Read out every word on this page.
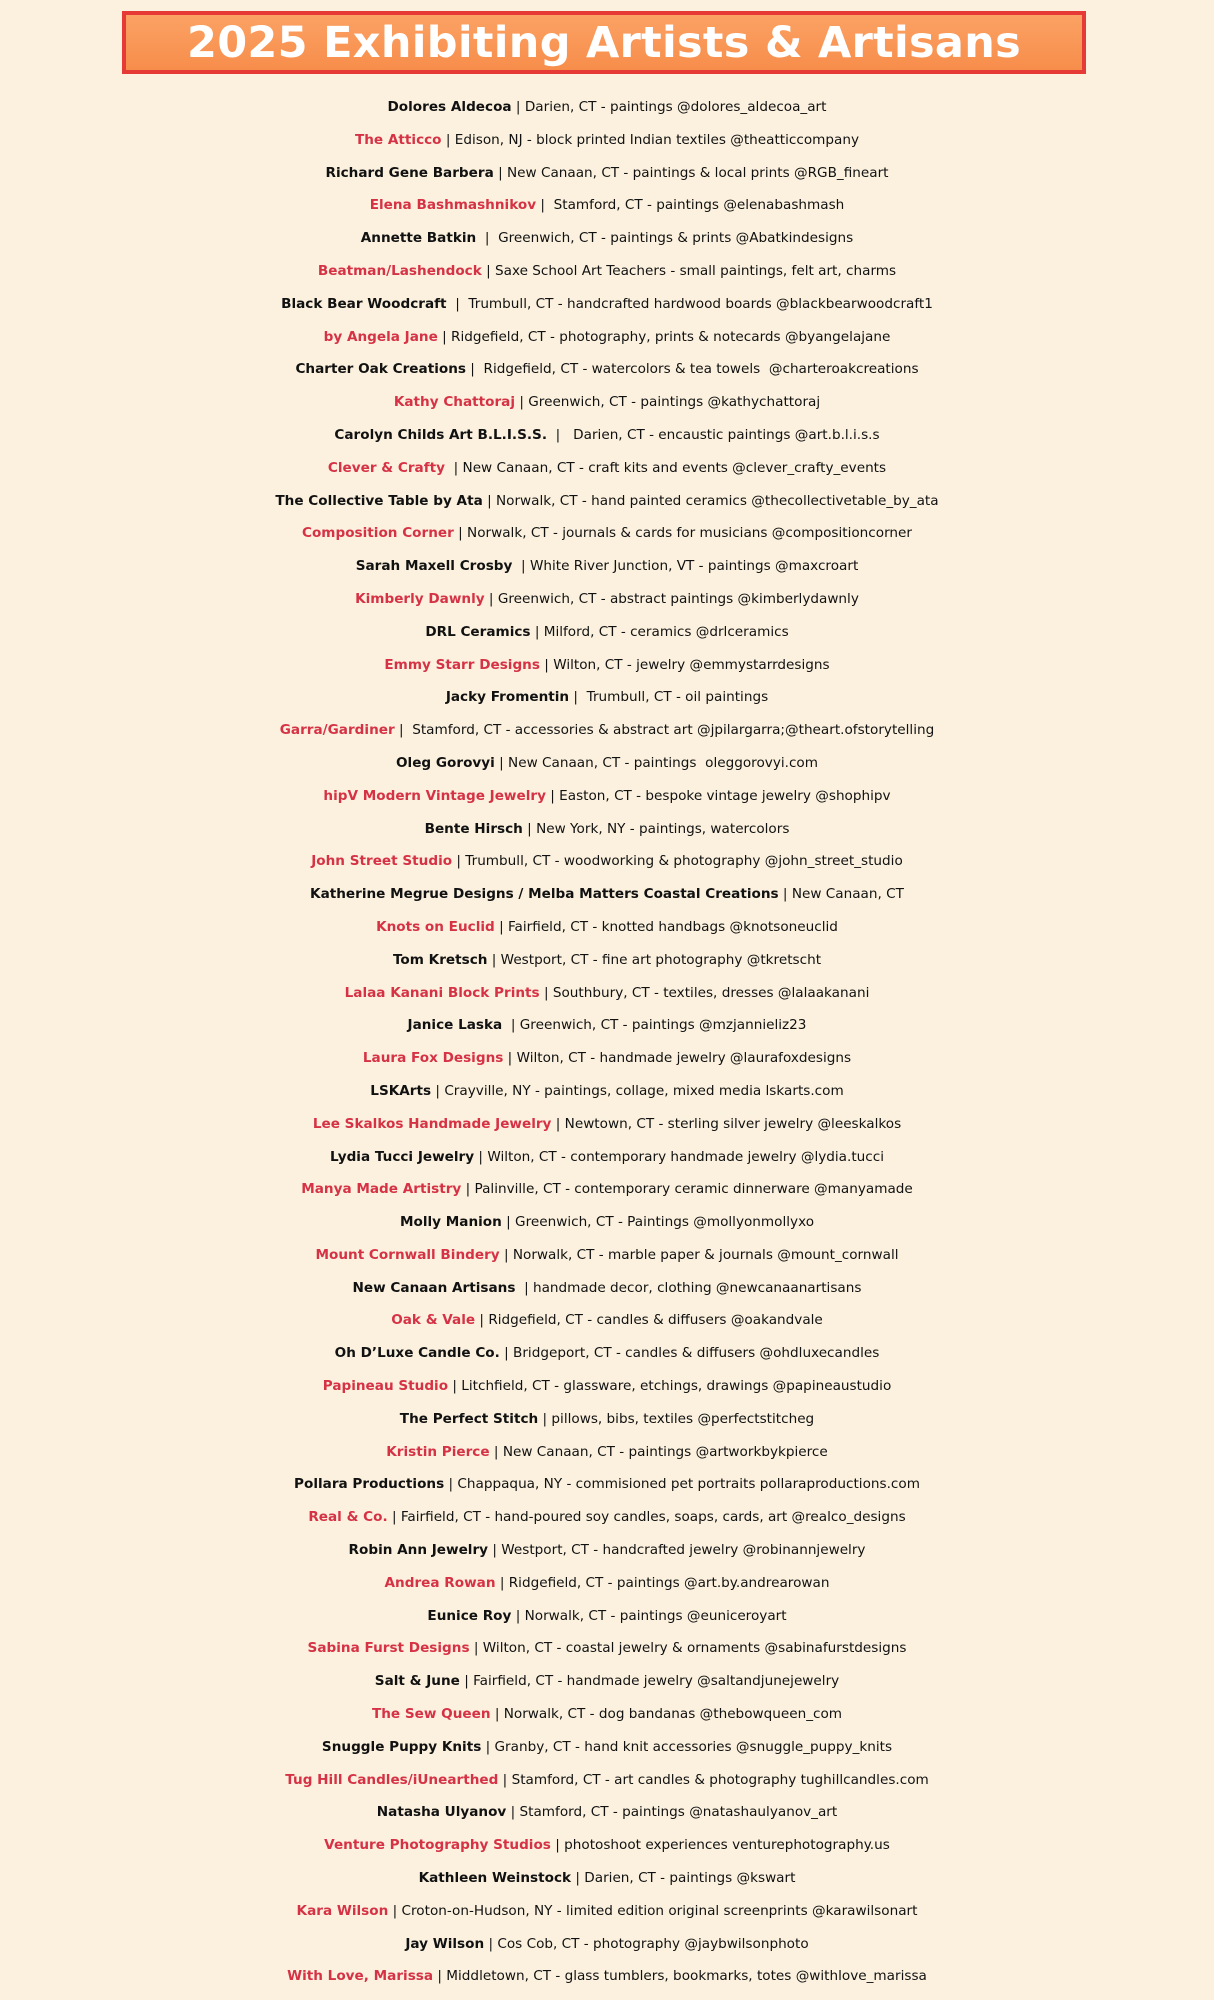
2025 Exhibiting Artists & Artisans
Dolores Aldecoa | Darien, CT - paintings @dolores_aldecoa_art
The Atticco | Edison, NJ - block printed Indian textiles @theatticcompany
Richard Gene Barbera | New Canaan, CT - paintings & local prints @RGB_fineart
Elena Bashmashnikov |  Stamford, CT - paintings @elenabashmash
Annette Batkin  |  Greenwich, CT - paintings & prints @Abatkindesigns
Beatman/Lashendock | Saxe School Art Teachers - small paintings, felt art, charms
Black Bear Woodcraft  |  Trumbull, CT - handcrafted hardwood boards @blackbearwoodcraft1
by Angela Jane | Ridgefield, CT - photography, prints & notecards @byangelajane
Charter Oak Creations |  Ridgefield, CT - watercolors & tea towels  @charteroakcreations
Kathy Chattoraj | Greenwich, CT - paintings @kathychattoraj
Carolyn Childs Art B.L.I.S.S.  |   Darien, CT - encaustic paintings @art.b.l.i.s.s
Clever & Crafty  | New Canaan, CT - craft kits and events @clever_crafty_events
The Collective Table by Ata | Norwalk, CT - hand painted ceramics @thecollectivetable_by_ata
Composition Corner | Norwalk, CT - journals & cards for musicians @compositioncorner
Sarah Maxell Crosby  | White River Junction, VT - paintings @maxcroart
Kimberly Dawnly | Greenwich, CT - abstract paintings @kimberlydawnly
DRL Ceramics | Milford, CT - ceramics @drlceramics
Emmy Starr Designs | Wilton, CT - jewelry @emmystarrdesigns
Jacky Fromentin |  Trumbull, CT - oil paintings
Garra/Gardiner |  Stamford, CT - accessories & abstract art @jpilargarra;@theart.ofstorytelling
Oleg Gorovyi | New Canaan, CT - paintings  oleggorovyi.com
hipV Modern Vintage Jewelry | Easton, CT - bespoke vintage jewelry @shophipv
Bente Hirsch | New York, NY - paintings, watercolors
John Street Studio | Trumbull, CT - woodworking & photography @john_street_studio
Katherine Megrue Designs / Melba Matters Coastal Creations | New Canaan, CT
Knots on Euclid | Fairfield, CT - knotted handbags @knotsoneuclid
Tom Kretsch | Westport, CT - fine art photography @tkretscht
Lalaa Kanani Block Prints | Southbury, CT - textiles, dresses @lalaakanani
Janice Laska  | Greenwich, CT - paintings @mzjannieliz23
Laura Fox Designs | Wilton, CT - handmade jewelry @laurafoxdesigns
LSKArts | Crayville, NY - paintings, collage, mixed media lskarts.com
Lee Skalkos Handmade Jewelry | Newtown, CT - sterling silver jewelry @leeskalkos
Lydia Tucci Jewelry | Wilton, CT - contemporary handmade jewelry @lydia.tucci
Manya Made Artistry | Palinville, CT - contemporary ceramic dinnerware @manyamade
Molly Manion | Greenwich, CT - Paintings @mollyonmollyxo
Mount Cornwall Bindery | Norwalk, CT - marble paper & journals @mount_cornwall
New Canaan Artisans  | handmade decor, clothing @newcanaanartisans
Oak & Vale | Ridgefield, CT - candles & diffusers @oakandvale
Oh D’Luxe Candle Co. | Bridgeport, CT - candles & diffusers @ohdluxecandles
Papineau Studio | Litchfield, CT - glassware, etchings, drawings @papineaustudio
The Perfect Stitch | pillows, bibs, textiles @perfectstitcheg
Kristin Pierce | New Canaan, CT - paintings @artworkbykpierce
Pollara Productions | Chappaqua, NY - commisioned pet portraits pollaraproductions.com
Real & Co. | Fairfield, CT - hand-poured soy candles, soaps, cards, art @realco_designs
Robin Ann Jewelry | Westport, CT - handcrafted jewelry @robinannjewelry
Andrea Rowan | Ridgefield, CT - paintings @art.by.andrearowan
Eunice Roy | Norwalk, CT - paintings @euniceroyart
Sabina Furst Designs | Wilton, CT - coastal jewelry & ornaments @sabinafurstdesigns
Salt & June | Fairfield, CT - handmade jewelry @saltandjunejewelry
The Sew Queen | Norwalk, CT - dog bandanas @thebowqueen_com
Snuggle Puppy Knits | Granby, CT - hand knit accessories @snuggle_puppy_knits
Tug Hill Candles/iUnearthed | Stamford, CT - art candles & photography tughillcandles.com
Natasha Ulyanov | Stamford, CT - paintings @natashaulyanov_art
Venture Photography Studios | photoshoot experiences venturephotography.us
Kathleen Weinstock | Darien, CT - paintings @kswart
Kara Wilson | Croton-on-Hudson, NY - limited edition original screenprints @karawilsonart
Jay Wilson | Cos Cob, CT - photography @jaybwilsonphoto
With Love, Marissa | Middletown, CT - glass tumblers, bookmarks, totes @withlove_marissa
